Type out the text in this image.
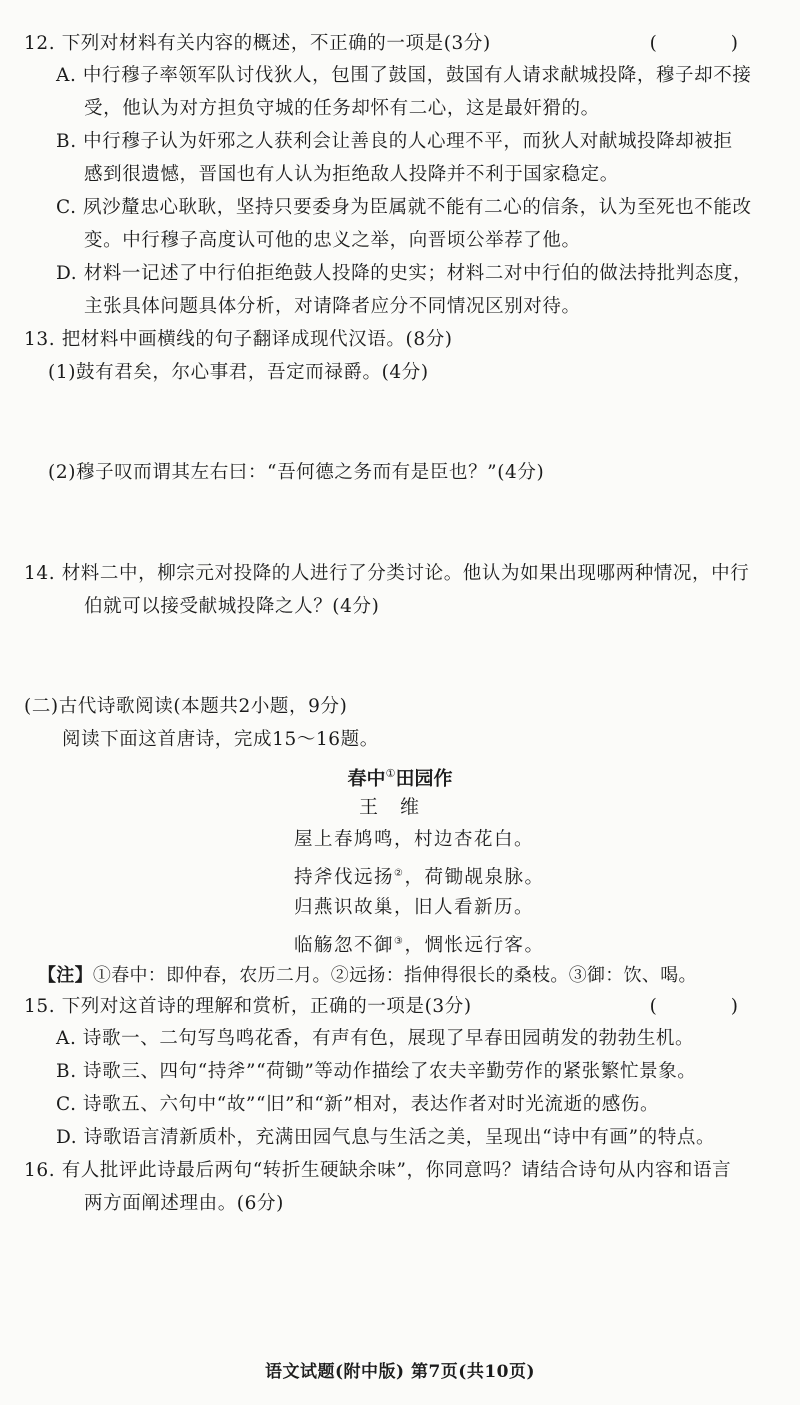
12. 下列对材料有关内容的概述，不正确的一项是(3分)	( )
A. 中行穆子率领军队讨伐狄人，包围了鼓国，鼓国有人请求献城投降，穆子却不接
受，他认为对方担负守城的任务却怀有二心，这是最奸猾的。
B. 中行穆子认为奸邪之人获利会让善良的人心理不平，而狄人对献城投降却被拒
感到很遗憾，晋国也有人认为拒绝敌人投降并不利于国家稳定。
C. 夙沙釐忠心耿耿，坚持只要委身为臣属就不能有二心的信条，认为至死也不能改
变。中行穆子高度认可他的忠义之举，向晋顷公举荐了他。
D. 材料一记述了中行伯拒绝鼓人投降的史实；材料二对中行伯的做法持批判态度，
主张具体问题具体分析，对请降者应分不同情况区别对待。
13. 把材料中画横线的句子翻译成现代汉语。(8分)
(1)鼓有君矣，尔心事君，吾定而禄爵。(4分)
(2)穆子叹而谓其左右曰：“吾何德之务而有是臣也？”(4分)
14. 材料二中，柳宗元对投降的人进行了分类讨论。他认为如果出现哪两种情况，中行
伯就可以接受献城投降之人？(4分)
(二)古代诗歌阅读(本题共2小题，9分)
阅读下面这首唐诗，完成15～16题。
春中①田园作
王维
屋上春鸠鸣，村边杏花白。
持斧伐远扬②，荷锄觇泉脉。
归燕识故巢，旧人看新历。
临觞忽不御③，惆怅远行客。
【注】①春中：即仲春，农历二月。②远扬：指伸得很长的桑枝。③御：饮、喝。
15. 下列对这首诗的理解和赏析，正确的一项是(3分)	( )
A. 诗歌一、二句写鸟鸣花香，有声有色，展现了早春田园萌发的勃勃生机。
B. 诗歌三、四句“持斧”“荷锄”等动作描绘了农夫辛勤劳作的紧张繁忙景象。
C. 诗歌五、六句中“故”“旧”和“新”相对，表达作者对时光流逝的感伤。
D. 诗歌语言清新质朴，充满田园气息与生活之美，呈现出“诗中有画”的特点。
16. 有人批评此诗最后两句“转折生硬缺余味”，你同意吗？请结合诗句从内容和语言
两方面阐述理由。(6分)
语文试题(附中版) 第7页(共10页)
